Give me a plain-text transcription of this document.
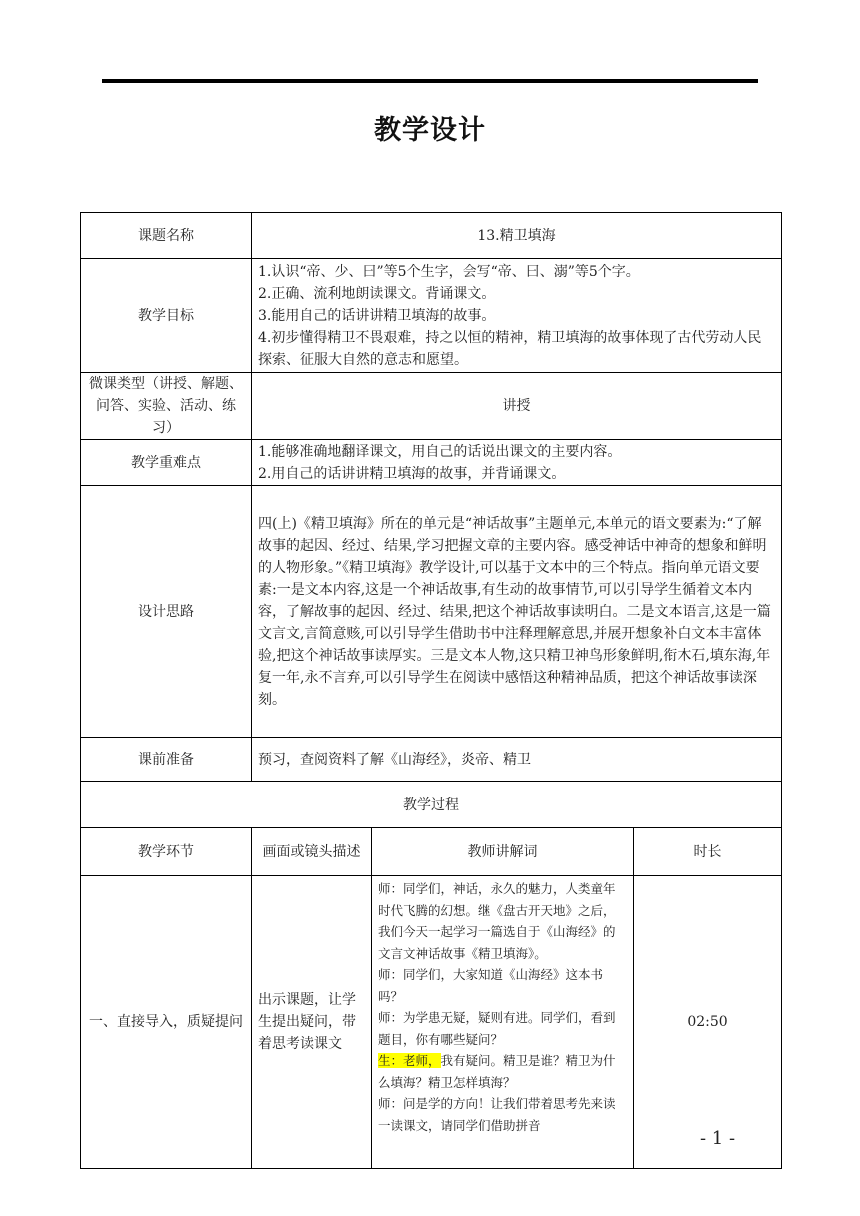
教学设计
课题名称	13.精卫填海		
教学目标	1.认识“帝、少、曰”等5个生字，会写“帝、曰、溺”等5个字。
2.正确、流利地朗读课文。背诵课文。
3.能用自己的话讲讲精卫填海的故事。
4.初步懂得精卫不畏艰难，持之以恒的精神，精卫填海的故事体现了古代劳动人民探索、征服大自然的意志和愿望。		

微课类型（讲授、解题、问答、实验、活动、练习）	讲授		
教学重难点	1.能够准确地翻译课文，用自己的话说出课文的主要内容。
2.用自己的话讲讲精卫填海的故事，并背诵课文。		

设计思路	四(上)《精卫填海》所在的单元是“神话故事”主题单元,本单元的语文要素为:“了解故事的起因、经过、结果,学习把握文章的主要内容。感受神话中神奇的想象和鲜明的人物形象。”《精卫填海》教学设计,可以基于文本中的三个特点。指向单元语文要素:一是文本内容,这是一个神话故事,有生动的故事情节,可以引导学生循着文本内容，了解故事的起因、经过、结果,把这个神话故事读明白。二是文本语言,这是一篇文言文,言简意赅,可以引导学生借助书中注释理解意思,并展开想象补白文本丰富体验,把这个神话故事读厚实。三是文本人物,这只精卫神鸟形象鲜明,衔木石,填东海,年复一年,永不言弃,可以引导学生在阅读中感悟这种精神品质，把这个神话故事读深刻。		
课前准备	预习，查阅资料了解《山海经》，炎帝、精卫		
教学过程			
教学环节	画面或镜头描述	教师讲解词	时长
一、直接导入，质疑提问	出示课题，让学生提出疑问，带着思考读课文	师：同学们，神话，永久的魅力，人类童年时代飞腾的幻想。继《盘古开天地》之后，我们今天一起学习一篇选自于《山海经》的文言文神话故事《精卫填海》。
师：同学们，大家知道《山海经》这本书吗？
师：为学患无疑，疑则有进。同学们，看到题目，你有哪些疑问？
生：老师，我有疑问。精卫是谁？精卫为什么填海？精卫怎样填海？
师：问是学的方向！让我们带着思考先来读一读课文，请同学们借助拼音	02:50
- 1 -
